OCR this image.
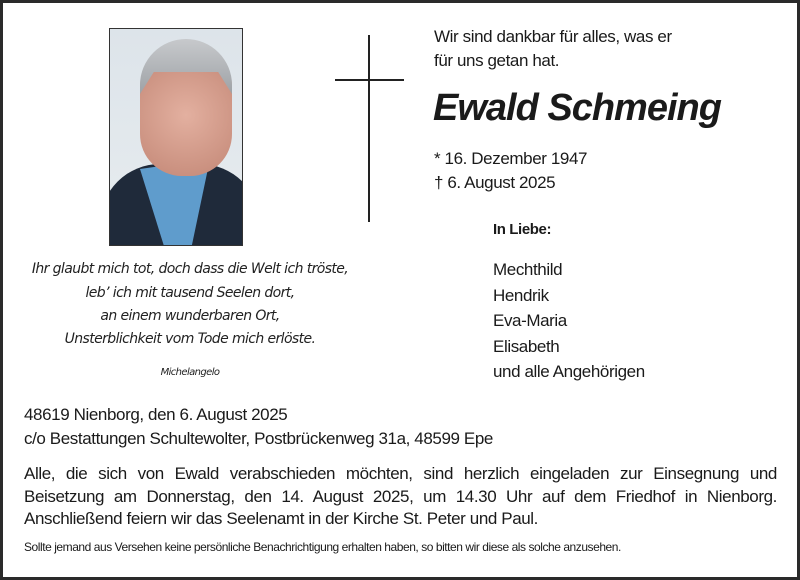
Wir sind dankbar für alles, was er
für uns getan hat.
Ewald Schmeing
* 16. Dezember 1947
† 6. August 2025
In Liebe:
Mechthild
Hendrik
Eva-Maria
Elisabeth
und alle Angehörigen
Ihr glaubt mich tot, doch dass die Welt ich tröste,
leb’ ich mit tausend Seelen dort,
an einem wunderbaren Ort,
Unsterblichkeit vom Tode mich erlöste.
Michelangelo
48619 Nienborg, den 6. August 2025
c/o Bestattungen Schultewolter, Postbrückenweg 31a, 48599 Epe
Alle, die sich von Ewald verabschieden möchten, sind herzlich eingeladen zur Einsegnung und
Beisetzung am Donnerstag, den 14. August 2025, um 14.30 Uhr auf dem Friedhof in Nienborg.
Anschließend feiern wir das Seelenamt in der Kirche St. Peter und Paul.
Sollte jemand aus Versehen keine persönliche Benachrichtigung erhalten haben, so bitten wir diese als solche anzusehen.
